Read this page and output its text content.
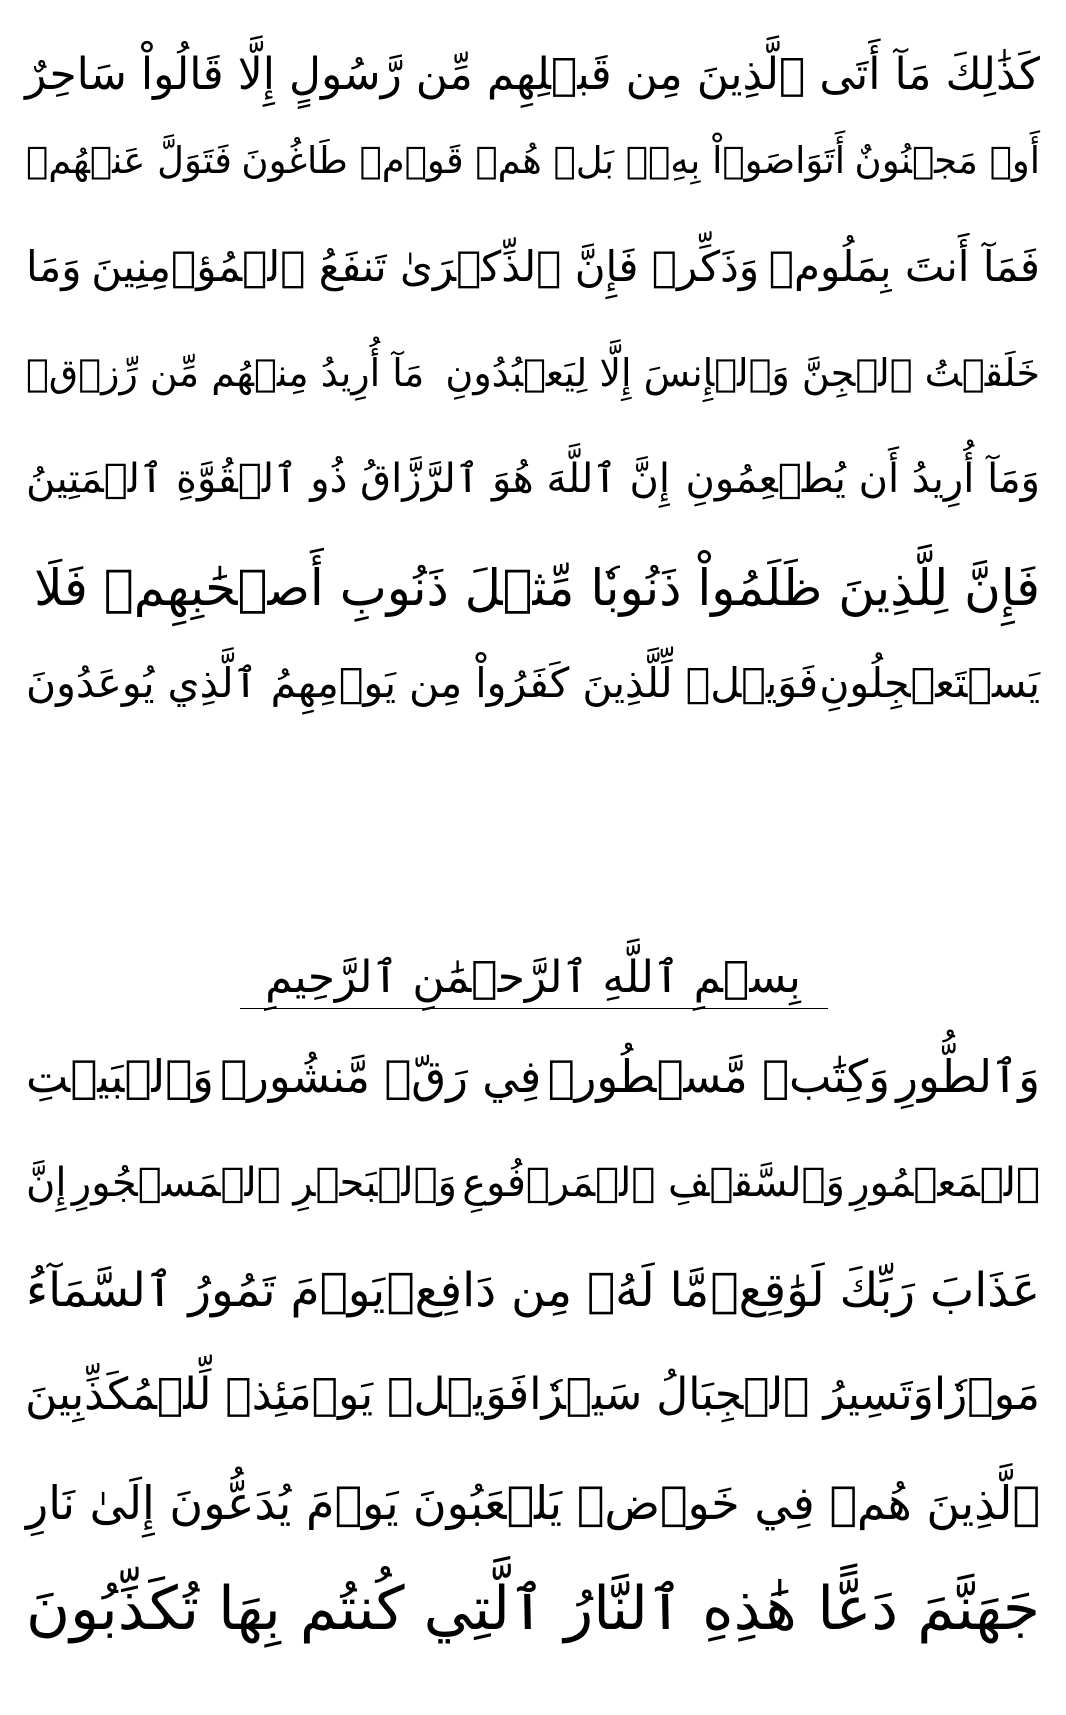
كَذَٰلِكَ مَآ أَتَى ٱلَّذِينَ مِن قَبۡلِهِم مِّن رَّسُولٍ إِلَّا قَالُواْ سَاحِرٌ
أَوۡ مَجۡنُونٌ
أَتَوَاصَوۡاْ بِهِۦۚ بَلۡ هُمۡ قَوۡمٞ طَاغُونَ
فَتَوَلَّ عَنۡهُمۡ
فَمَآ أَنتَ بِمَلُومٖ
وَذَكِّرۡ فَإِنَّ ٱلذِّكۡرَىٰ تَنفَعُ ٱلۡمُؤۡمِنِينَ
وَمَا
خَلَقۡتُ ٱلۡجِنَّ وَٱلۡإِنسَ إِلَّا لِيَعۡبُدُونِ
مَآ أُرِيدُ مِنۡهُم مِّن رِّزۡقٖ
وَمَآ أُرِيدُ أَن يُطۡعِمُونِ
إِنَّ ٱللَّهَ هُوَ ٱلرَّزَّاقُ ذُو ٱلۡقُوَّةِ ٱلۡمَتِينُ
فَإِنَّ لِلَّذِينَ ظَلَمُواْ ذَنُوبٗا مِّثۡلَ ذَنُوبِ أَصۡحَٰبِهِمۡ فَلَا
يَسۡتَعۡجِلُونِ
فَوَيۡلٞ لِّلَّذِينَ كَفَرُواْ مِن يَوۡمِهِمُ ٱلَّذِي يُوعَدُونَ
بِسۡمِ ٱللَّهِ ٱلرَّحۡمَٰنِ ٱلرَّحِيمِ
وَٱلطُّورِ
وَكِتَٰبٖ مَّسۡطُورٖ
فِي رَقّٖ مَّنشُورٖ
وَٱلۡبَيۡتِ
ٱلۡمَعۡمُورِ
وَٱلسَّقۡفِ ٱلۡمَرۡفُوعِ
وَٱلۡبَحۡرِ ٱلۡمَسۡجُورِ
إِنَّ
عَذَابَ رَبِّكَ لَوَٰقِعٞ
مَّا لَهُۥ مِن دَافِعٖ
يَوۡمَ تَمُورُ ٱلسَّمَآءُ
مَوۡرٗا
وَتَسِيرُ ٱلۡجِبَالُ سَيۡرٗا
فَوَيۡلٞ يَوۡمَئِذٖ لِّلۡمُكَذِّبِينَ
ٱلَّذِينَ هُمۡ فِي خَوۡضٖ يَلۡعَبُونَ
يَوۡمَ يُدَعُّونَ إِلَىٰ نَارِ
جَهَنَّمَ دَعًّا
هَٰذِهِ ٱلنَّارُ ٱلَّتِي كُنتُم بِهَا تُكَذِّبُونَ
